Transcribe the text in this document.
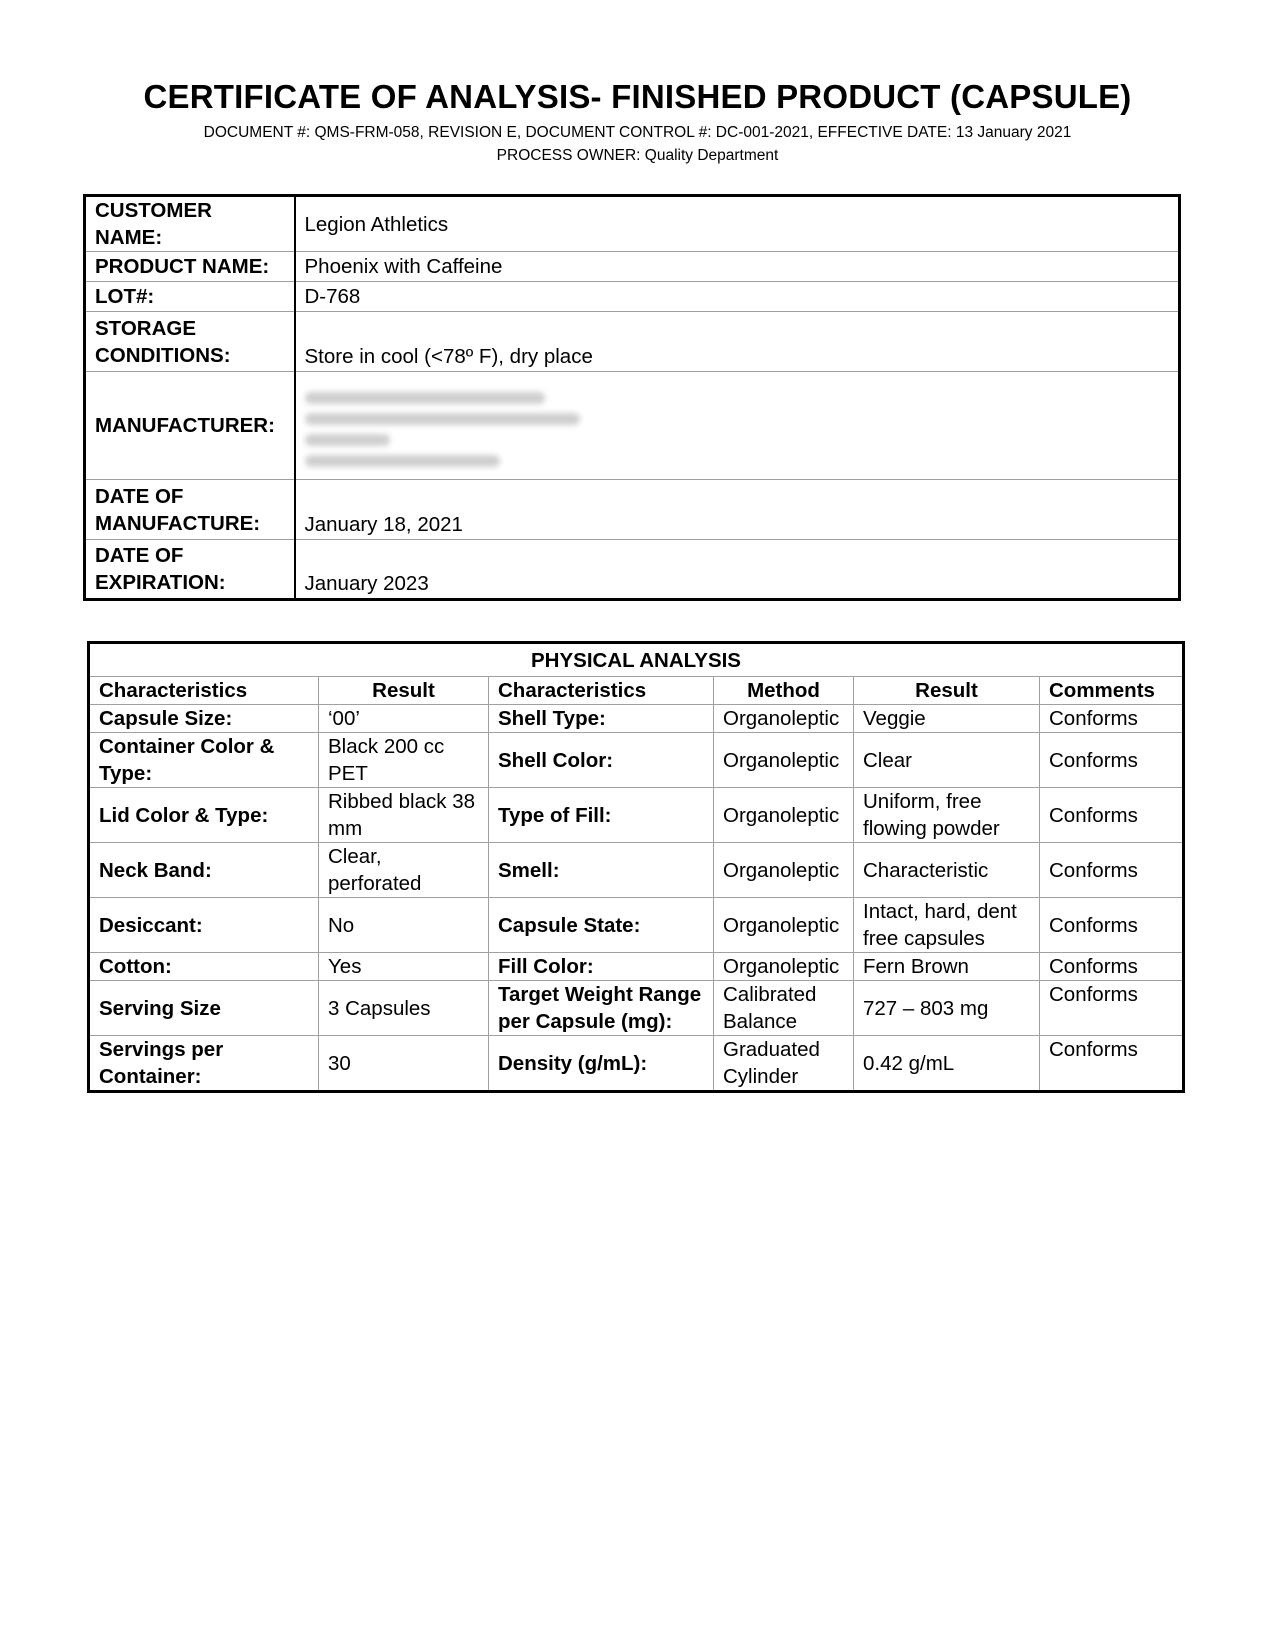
CERTIFICATE OF ANALYSIS- FINISHED PRODUCT (CAPSULE)
DOCUMENT #: QMS-FRM-058, REVISION E, DOCUMENT CONTROL #: DC-001-2021, EFFECTIVE DATE: 13 January 2021
PROCESS OWNER: Quality Department
CUSTOMER NAME:	Legion Athletics
PRODUCT NAME:	Phoenix with Caffeine
LOT#:	D-768

STORAGE
CONDITIONS:	Store in cool (<78º F), dry place
MANUFACTURER:	

DATE OF
MANUFACTURE:	January 18, 2021

DATE OF
EXPIRATION:	January 2023
PHYSICAL ANALYSIS					
Characteristics	Result	Characteristics	Method	Result	Comments
Capsule Size:	‘00’	Shell Type:	Organoleptic	Veggie	Conforms
Container Color & Type:	Black 200 cc PET	Shell Color:	Organoleptic	Clear	Conforms
Lid Color & Type:	Ribbed black 38 mm	Type of Fill:	Organoleptic	Uniform, free flowing powder	Conforms
Neck Band:	Clear, perforated	Smell:	Organoleptic	Characteristic	Conforms
Desiccant:	No	Capsule State:	Organoleptic	Intact, hard, dent free capsules	Conforms
Cotton:	Yes	Fill Color:	Organoleptic	Fern Brown	Conforms
Serving Size	3 Capsules	Target Weight Range per Capsule (mg):	Calibrated Balance	727 – 803 mg	Conforms
Servings per Container:	30	Density (g/mL):	Graduated Cylinder	0.42 g/mL	Conforms
